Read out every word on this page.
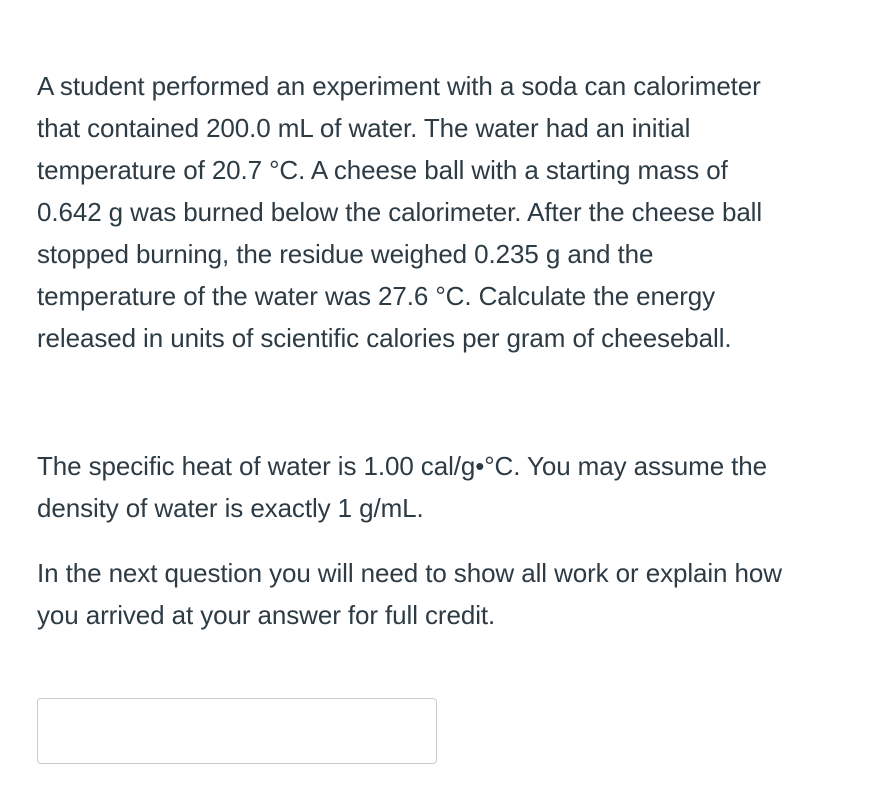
A student performed an experiment with a soda can calorimeter
that contained 200.0 mL of water. The water had an initial
temperature of 20.7 °C. A cheese ball with a starting mass of
0.642 g was burned below the calorimeter. After the cheese ball
stopped burning, the residue weighed 0.235 g and the
temperature of the water was 27.6 °C. Calculate the energy
released in units of scientific calories per gram of cheeseball.

The specific heat of water is 1.00 cal/g•°C. You may assume the
density of water is exactly 1 g/mL.

In the next question you will need to show all work or explain how
you arrived at your answer for full credit.
